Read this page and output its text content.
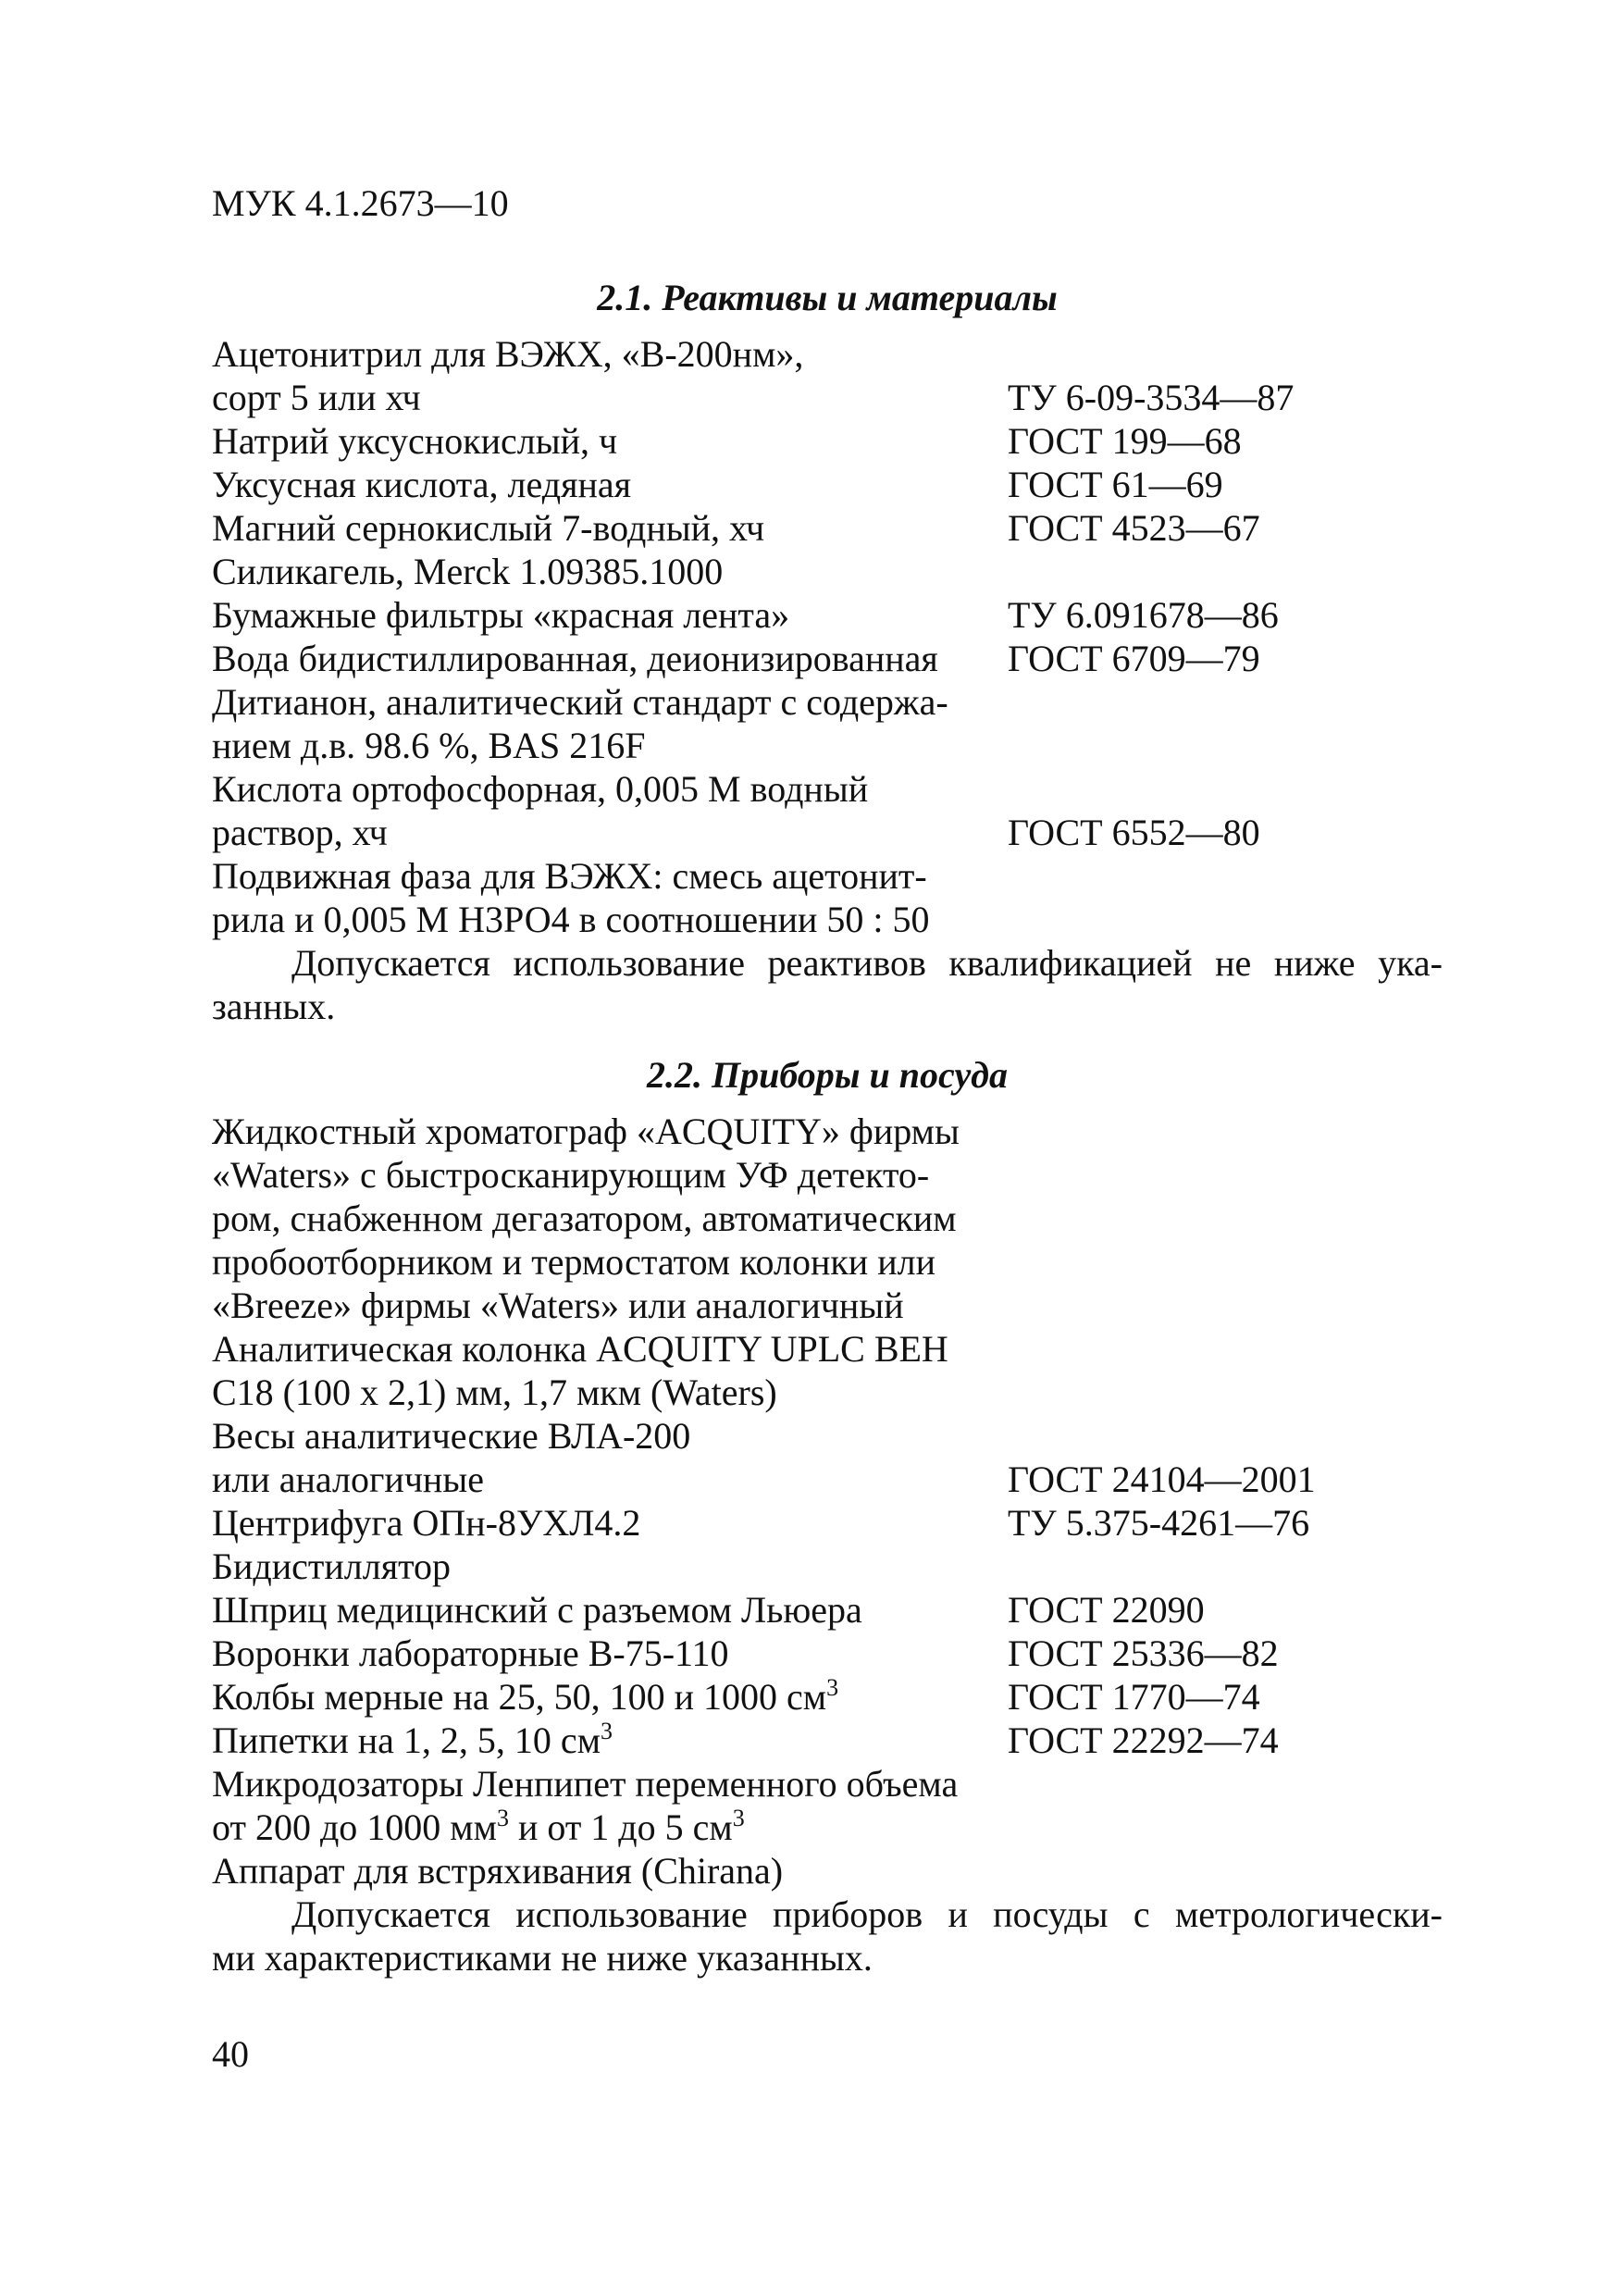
МУК 4.1.2673—10
2.1. Реактивы и материалы
Ацетонитрил для ВЭЖХ, «В-200нм»,
сорт 5 или хч	ТУ 6-09-3534—87
Натрий уксуснокислый, ч	ГОСТ 199—68
Уксусная кислота, ледяная	ГОСТ 61—69
Магний сернокислый 7-водный, хч	ГОСТ 4523—67
Силикагель, Merck 1.09385.1000
Бумажные фильтры «красная лента»	ТУ 6.091678—86
Вода бидистиллированная, деионизированная ГОСТ 6709—79
Дитианон, аналитический стандарт с содержа-
нием д.в. 98.6 %, BAS 216F
Кислота ортофосфорная, 0,005 М водный
раствор, хч	ГОСТ 6552—80
Подвижная фаза для ВЭЖХ: смесь ацетонит-
рила и 0,005 М Н3РО4 в соотношении 50 : 50
Допускается использование реактивов квалификацией не ниже ука-
занных.
2.2. Приборы и посуда
Жидкостный хроматограф «ACQUITY» фирмы
«Waters» с быстросканирующим УФ детекто-
ром, снабженном дегазатором, автоматическим
пробоотборником и термостатом колонки или
«Breeze» фирмы «Waters» или аналогичный
Аналитическая колонка ACQUITY UPLC BEH
С18 (100 х 2,1) мм, 1,7 мкм (Waters)
Весы аналитические ВЛА-200
или аналогичные	ГОСТ 24104—2001
Центрифуга ОПн-8УХЛ4.2	ТУ 5.375-4261—76
Бидистиллятор
Шприц медицинский с разъемом Льюера	ГОСТ 22090
Воронки лабораторные В-75-110	ГОСТ 25336—82
Колбы мерные на 25, 50, 100 и 1000 $см^3$	ГОСТ 1770—74
Пипетки на 1, 2, 5, 10 $см^3$	ГОСТ 22292—74
Микродозаторы Ленпипет переменного объема
от 200 до 1000 $мм^3$ и от 1 до 5 $см^3$
Аппарат для встряхивания (Chirana)
Допускается использование приборов и посуды с метрологически-
ми характеристиками не ниже указанных.
40
